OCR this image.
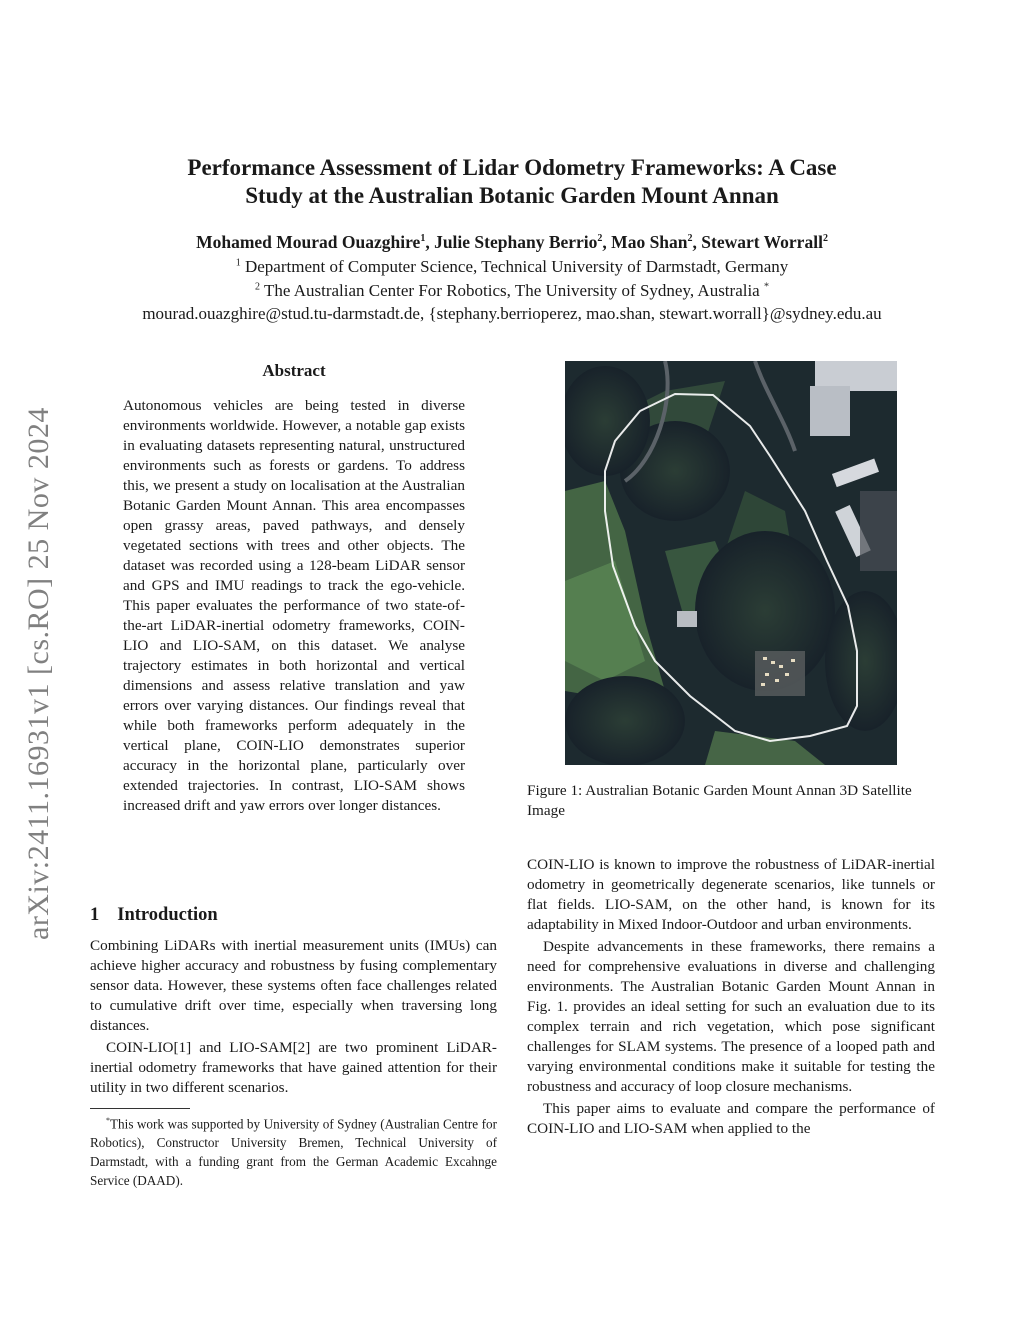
arXiv:2411.16931v1 [cs.RO] 25 Nov 2024
Performance Assessment of Lidar Odometry Frameworks: A Case
Study at the Australian Botanic Garden Mount Annan
Mohamed Mourad Ouazghire$^1$, Julie Stephany Berrio$^2$, Mao Shan$^2$, Stewart Worrall$^2$
$^1$ Department of Computer Science, Technical University of Darmstadt, Germany
$^2$ The Australian Center For Robotics, The University of Sydney, Australia *
mourad.ouazghire@stud.tu-darmstadt.de, {stephany.berrioperez, mao.shan, stewart.worrall}@sydney.edu.au
Abstract
Autonomous vehicles are being tested in diverse environments worldwide. However, a notable gap exists in evaluating datasets representing natural, unstructured environments such as forests or gardens. To address this, we present a study on localisation at the Australian Botanic Garden Mount Annan. This area encompasses open grassy areas, paved pathways, and densely vegetated sections with trees and other objects. The dataset was recorded using a 128-beam LiDAR sensor and GPS and IMU readings to track the ego-vehicle. This paper evaluates the performance of two state-of-the-art LiDAR-inertial odometry frameworks, COIN-LIO and LIO-SAM, on this dataset. We analyse trajectory estimates in both horizontal and vertical dimensions and assess relative translation and yaw errors over varying distances. Our findings reveal that while both frameworks perform adequately in the vertical plane, COIN-LIO demonstrates superior accuracy in the horizontal plane, particularly over extended trajectories. In contrast, LIO-SAM shows increased drift and yaw errors over longer distances.
1 Introduction
Combining LiDARs with inertial measurement units (IMUs) can achieve higher accuracy and robustness by fusing complementary sensor data. However, these systems often face challenges related to cumulative drift over time, especially when traversing long distances.
COIN-LIO[1] and LIO-SAM[2] are two prominent LiDAR-inertial odometry frameworks that have gained attention for their utility in two different scenarios.
*This work was supported by University of Sydney (Australian Centre for Robotics), Constructor University Bremen, Technical University of Darmstadt, with a funding grant from the German Academic Excahnge Service (DAAD).
Figure 1: Australian Botanic Garden Mount Annan 3D Satellite Image
COIN-LIO is known to improve the robustness of LiDAR-inertial odometry in geometrically degenerate scenarios, like tunnels or flat fields. LIO-SAM, on the other hand, is known for its adaptability in Mixed Indoor-Outdoor and urban environments.
Despite advancements in these frameworks, there remains a need for comprehensive evaluations in diverse and challenging environments. The Australian Botanic Garden Mount Annan in Fig. 1. provides an ideal setting for such an evaluation due to its complex terrain and rich vegetation, which pose significant challenges for SLAM systems. The presence of a looped path and varying environmental conditions make it suitable for testing the robustness and accuracy of loop closure mechanisms.
This paper aims to evaluate and compare the performance of COIN-LIO and LIO-SAM when applied to the
